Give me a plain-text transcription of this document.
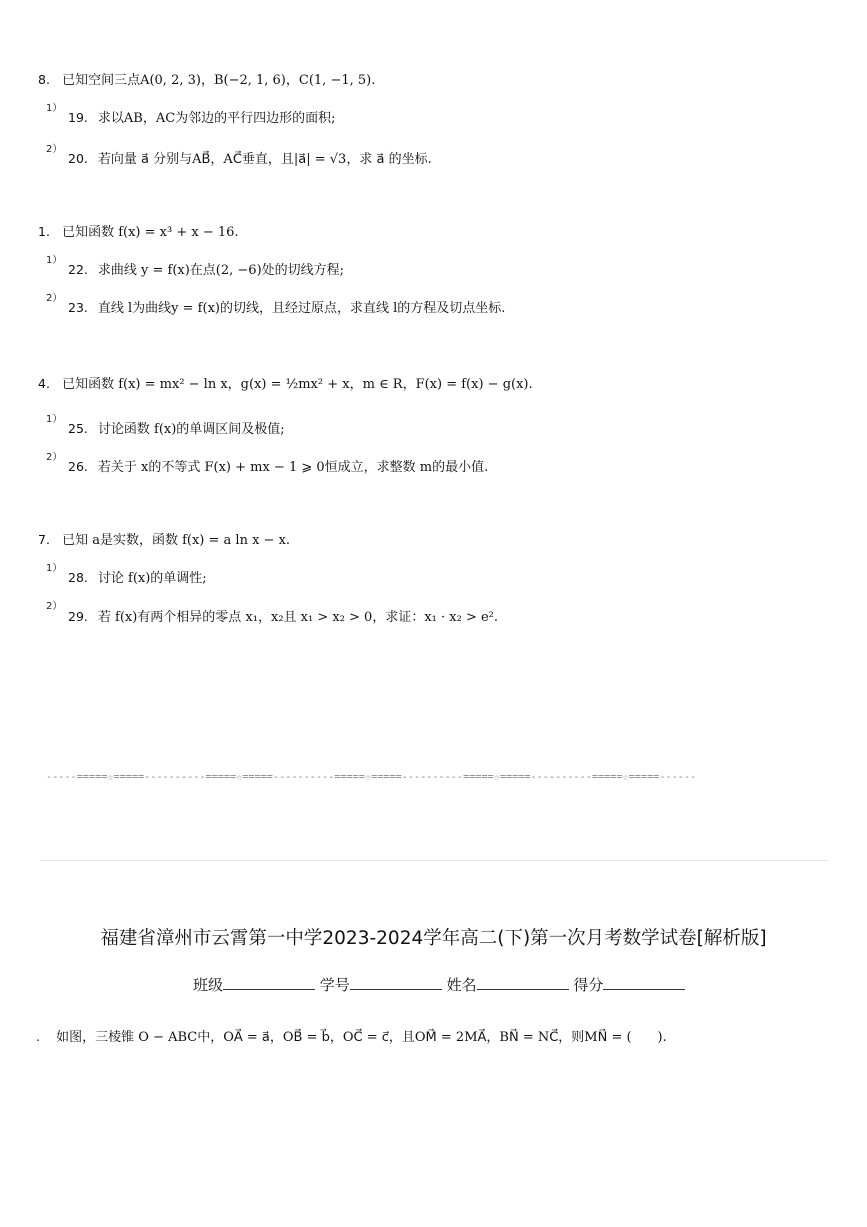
8. 已知空间三点A(0, 2, 3)，B(−2, 1, 6)，C(1, −1, 5).
1）
19. 求以AB，AC为邻边的平行四边形的面积;
2）
20. 若向量 a⃗ 分别与AB⃗，AC⃗垂直，且|a⃗| = √3，求 a⃗ 的坐标.
1. 已知函数 f(x) = x³ + x − 16.
1）
22. 求曲线 y = f(x)在点(2, −6)处的切线方程;
2）
23. 直线 l为曲线y = f(x)的切线，且经过原点，求直线 l的方程及切点坐标.
4. 已知函数 f(x) = mx² − ln x，g(x) = ½mx² + x，m ∈ R，F(x) = f(x) − g(x).
1）
25. 讨论函数 f(x)的单调区间及极值;
2）
26. 若关于 x的不等式 F(x) + mx − 1 ⩾ 0恒成立，求整数 m的最小值.
7. 已知 a是实数，函数 f(x) = a ln x − x.
1）
28. 讨论 f(x)的单调性;
2）
29. 若 f(x)有两个相异的零点 x₁，x₂且 x₁ > x₂ > 0，求证：x₁ · x₂ > e².
-----=====☆=====----------=====☆=====----------=====☆=====----------=====☆=====----------=====☆=====------
福建省漳州市云霄第一中学2023-2024学年高二(下)第一次月考数学试卷[解析版]
班级	学号	姓名	得分
. 如图，三棱锥 O − ABC中，OA⃗ = a⃗，OB⃗ = b⃗，OC⃗ = c⃗，且OM⃗ = 2MA⃗，BN⃗ = NC⃗，则MN⃗ = (　　).
